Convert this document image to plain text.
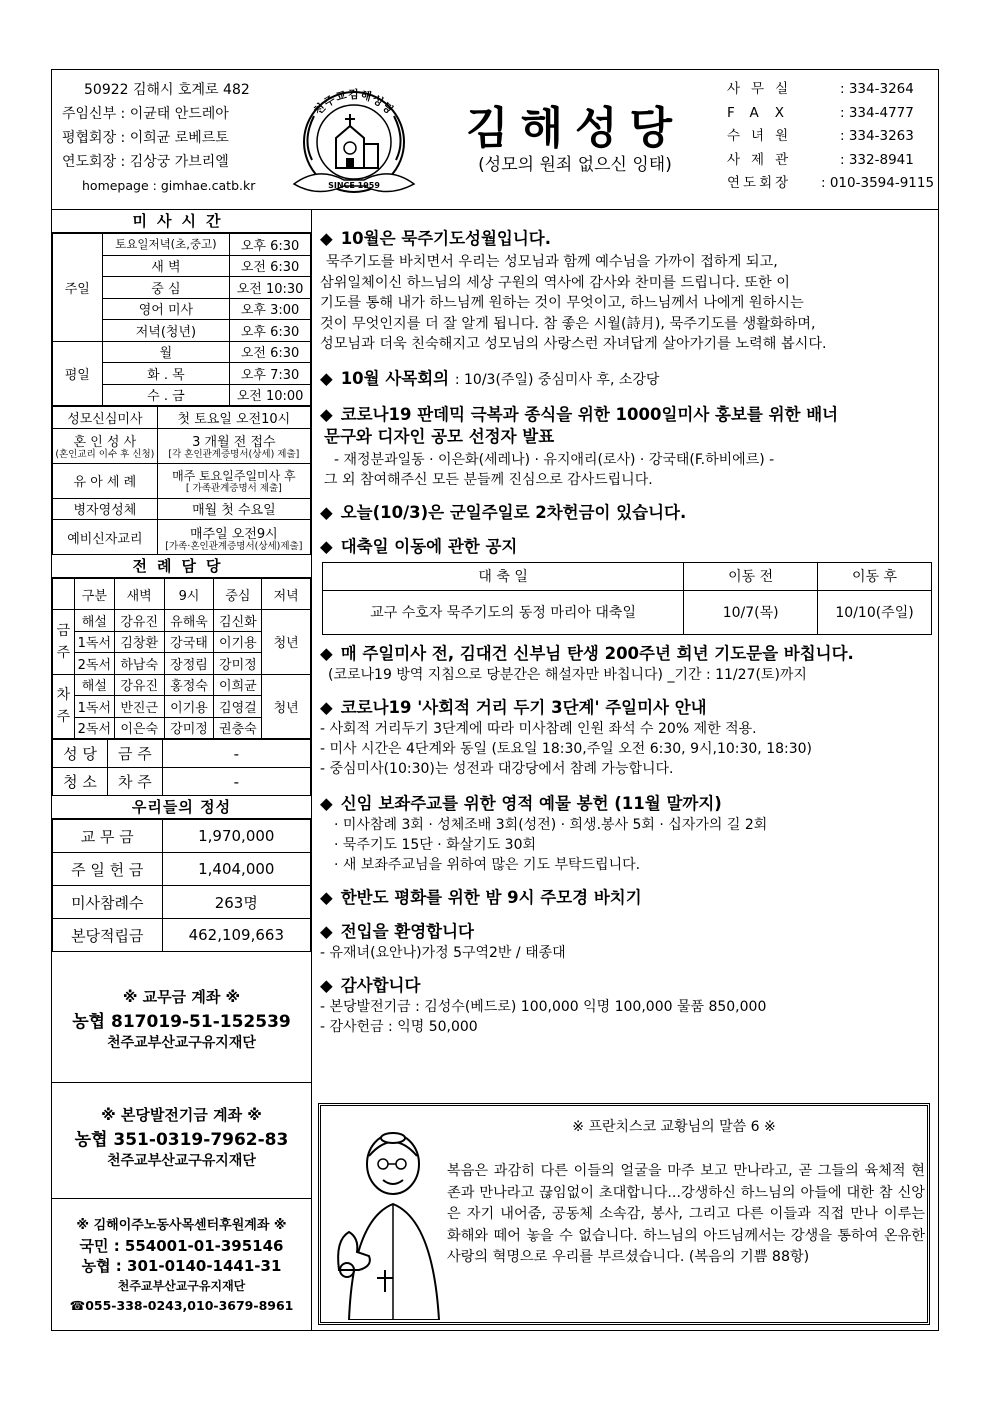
50922 김해시 호계로 482
주임신부 : 이균태 안드레아
평협회장 : 이희균 로베르토
연도회장 : 김상궁 가브리엘
homepage : gimhae.catb.kr
천주교김해성당
SINCE 1959
김해성당
(성모의 원죄 없으신 잉태)
사무실	: 334-3264
FAX	: 334-4777
수녀원	: 334-3263
사제관	: 332-8941
연도회장 : 010-3594-9115
미사시간
주일	토요일저녁(초,중고)	오후 6:30
	새 벽	오전 6:30
	중 심	오전 10:30
	영어 미사	오후 3:00
	저녁(청년)	오후 6:30
평일	월	오전 6:30
	화 . 목	오후 7:30
	수 . 금	오전 10:00
성모신심미사	첫 토요일 오전10시
혼 인 성 사
(혼인교리 이수 후 신청)	3 개월 전 접수
[각 혼인관계증명서(상세) 제출]

유 아 세 례	매주 토요일주일미사 후
[ 가족관계증명서 제출]

병자영성체	매월 첫 수요일
예비신자교리	매주일 오전9시
[가족·혼인관계증명서(상세)제출]
전례담당
	구분	새벽	9시	중심	저녁
금주	해설	강유진	유해욱	김신화	청년
	1독서	김창환	강국태	이기용	
	2독서	하남숙	장정림	강미정	
차주	해설	강유진	홍정숙	이희균	청년
	1독서	반진근	이기용	김영걸	
	2독서	이은숙	강미정	권충숙	
성 당	금 주	-
청 소	차 주	-
우리들의 정성
교 무 금	1,970,000
주 일 헌 금	1,404,000
미사참례수	263명
본당적립금	462,109,663
※ 교무금 계좌 ※
농협 817019-51-152539
천주교부산교구유지재단
※ 본당발전기금 계좌 ※
농협 351-0319-7962-83
천주교부산교구유지재단
※ 김해이주노동사목센터후원계좌 ※
국민 : 554001-01-395146
농협 : 301-0140-1441-31
천주교부산교구유지재단
☎055-338-0243,010-3679-8961
◆ 10월은 묵주기도성월입니다.

묵주기도를 바치면서 우리는 성모님과 함께 예수님을 가까이 접하게 되고,

삼위일체이신 하느님의 세상 구원의 역사에 감사와 찬미를 드립니다. 또한 이

기도를 통해 내가 하느님께 원하는 것이 무엇이고, 하느님께서 나에게 원하시는

것이 무엇인지를 더 잘 알게 됩니다. 참 좋은 시월(詩月), 묵주기도를 생활화하며,

성모님과 더욱 친숙해지고 성모님의 사랑스런 자녀답게 살아가기를 노력해 봅시다.

◆ 10월 사목회의 : 10/3(주일) 중심미사 후, 소강당
◆ 코로나19 판데믹 극복과 종식을 위한 1000일미사 홍보를 위한 배너
문구와 디자인 공모 선정자 발표

- 재정분과일동 · 이은화(세레나) · 유지애리(로사) · 강국태(F.하비에르) -

그 외 참여해주신 모든 분들께 진심으로 감사드립니다.

◆ 오늘(10/3)은 군일주일로 2차헌금이 있습니다.
◆ 대축일 이동에 관한 공지
대 축 일	이동 전	이동 후
교구 수호자 묵주기도의 동정 마리아 대축일	10/7(목)	10/10(주일)
◆ 매 주일미사 전, 김대건 신부님 탄생 200주년 희년 기도문을 바칩니다.

(코로나19 방역 지침으로 당분간은 해설자만 바칩니다) _기간 : 11/27(토)까지

◆ 코로나19 '사회적 거리 두기 3단계' 주일미사 안내

- 사회적 거리두기 3단계에 따라 미사참례 인원 좌석 수 20% 제한 적용.

- 미사 시간은 4단계와 동일 (토요일 18:30,주일 오전 6:30, 9시,10:30, 18:30)

- 중심미사(10:30)는 성전과 대강당에서 참례 가능합니다.

◆ 신임 보좌주교를 위한 영적 예물 봉헌 (11월 말까지)

· 미사참례 3회 · 성체조배 3회(성전) · 희생.봉사 5회 · 십자가의 길 2회

· 묵주기도 15단 · 화살기도 30회

· 새 보좌주교님을 위하여 많은 기도 부탁드립니다.

◆ 한반도 평화를 위한 밤 9시 주모경 바치기
◆ 전입을 환영합니다

- 유재녀(요안나)가정 5구역2반 / 태종대

◆ 감사합니다

- 본당발전기금 : 김성수(베드로) 100,000 익명 100,000 물품 850,000

- 감사헌금 : 익명 50,000

※ 프란치스코 교황님의 말씀 6 ※
복음은 과감히 다른 이들의 얼굴을 마주 보고 만나라고, 곧 그들의 육체적 현존과 만나라고 끊임없이 초대합니다...강생하신 하느님의 아들에 대한 참 신앙은 자기 내어줌, 공동체 소속감, 봉사, 그리고 다른 이들과 직접 만나 이루는 화해와 떼어 놓을 수 없습니다. 하느님의 아드님께서는 강생을 통하여 온유한 사랑의 혁명으로 우리를 부르셨습니다. (복음의 기쁨 88항)
